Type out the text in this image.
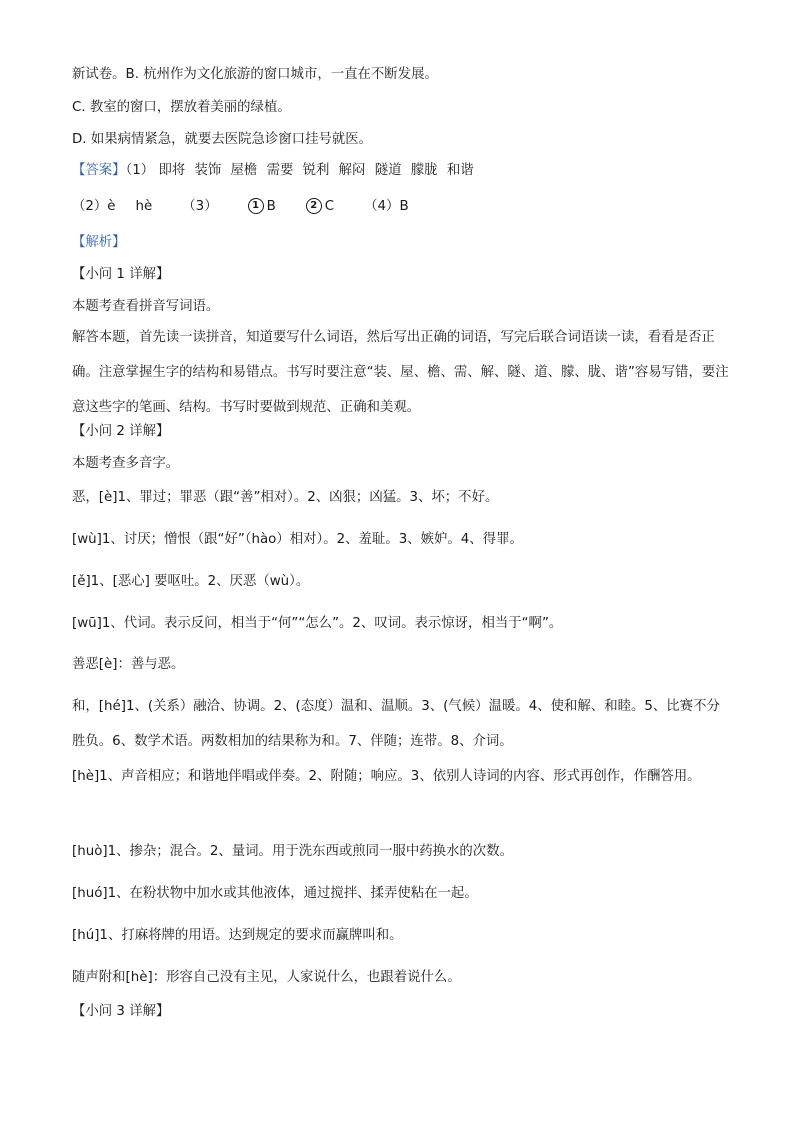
新试卷。B. 杭州作为文化旅游的窗口城市，一直在不断发展。
C. 教室的窗口，摆放着美丽的绿植。
D. 如果病情紧急，就要去医院急诊窗口挂号就医。
【答案】（1） 即将 装饰 屋檐 需要 锐利 解闷 隧道 朦胧 和谐
（2）è hè （3）	1 B	2 C （4）B
【解析】
【小问 1 详解】
本题考查看拼音写词语。
解答本题，首先读一读拼音，知道要写什么词语，然后写出正确的词语，写完后联合词语读一读，看看是否正确。注意掌握生字的结构和易错点。书写时要注意“装、屋、檐、需、解、隧、道、朦、胧、谐”容易写错，要注意这些字的笔画、结构。书写时要做到规范、正确和美观。
【小问 2 详解】
本题考查多音字。
恶，[è]1、罪过；罪恶（跟“善”相对）。2、凶狠；凶猛。3、坏；不好。
[wù]1、讨厌；憎恨（跟“好”（hào）相对）。2、羞耻。3、嫉妒。4、得罪。
[ě]1、[恶心] 要呕吐。2、厌恶（wù）。
[wū]1、代词。表示反问，相当于“何”“怎么”。2、叹词。表示惊讶，相当于“啊”。
善恶[è]：善与恶。
和，[hé]1、(关系）融洽、协调。2、(态度）温和、温顺。3、(气候）温暖。4、使和解、和睦。5、比赛不分胜负。6、数学术语。两数相加的结果称为和。7、伴随；连带。8、介词。
[hè]1、声音相应；和谐地伴唱或伴奏。2、附随；响应。3、依别人诗词的内容、形式再创作，作酬答用。
[huò]1、掺杂；混合。2、量词。用于洗东西或煎同一服中药换水的次数。
[huó]1、在粉状物中加水或其他液体，通过搅拌、揉弄使粘在一起。
[hú]1、打麻将牌的用语。达到规定的要求而赢牌叫和。
随声附和[hè]：形容自己没有主见，人家说什么，也跟着说什么。
【小问 3 详解】
